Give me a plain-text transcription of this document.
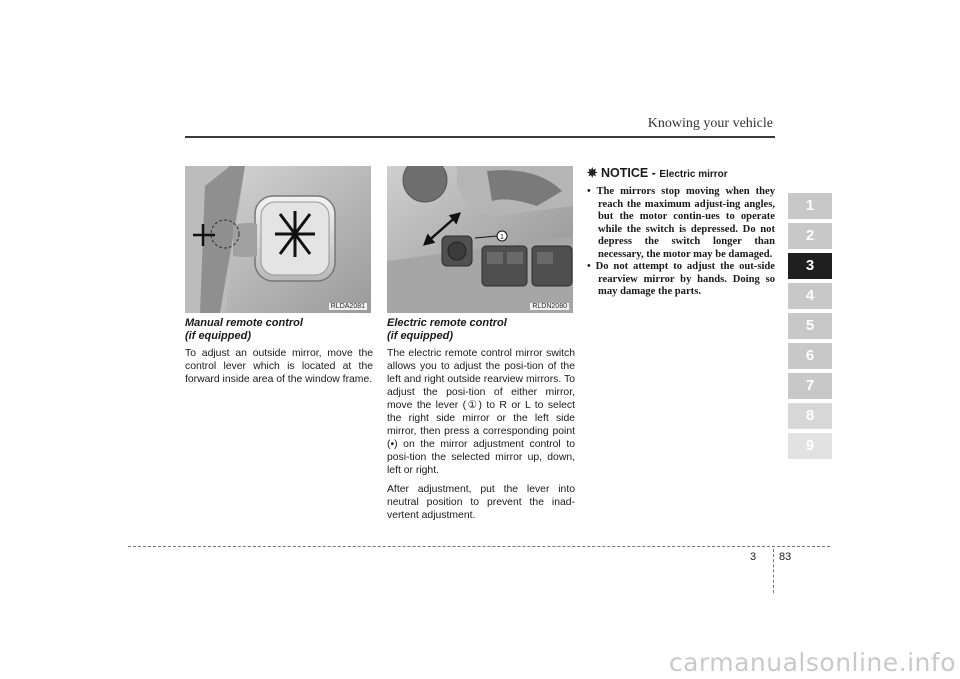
Knowing your vehicle
1
2
3
4
5
6
7
8
9
RLDA2081
Manual remote control
(if equipped)

To adjust an outside mirror, move the control lever which is located at the forward inside area of the window frame.

1
RLDN2080
Electric remote control
(if equipped)

The electric remote control mirror switch allows you to adjust the posi-tion of the left and right outside rearview mirrors. To adjust the posi-tion of either mirror, move the lever (①) to R or L to select the right side mirror or the left side mirror, then press a corresponding point (•) on the mirror adjustment control to posi-tion the selected mirror up, down, left or right.

After adjustment, put the lever into neutral position to prevent the inad-vertent adjustment.

✵ NOTICE - Electric mirror
• The mirrors stop moving when they reach the maximum adjust-ing angles, but the motor contin-ues to operate while the switch is depressed. Do not depress the switch longer than necessary, the motor may be damaged.
• Do not attempt to adjust the out-side rearview mirror by hands. Doing so may damage the parts.
3 83
carmanualsonline.info
